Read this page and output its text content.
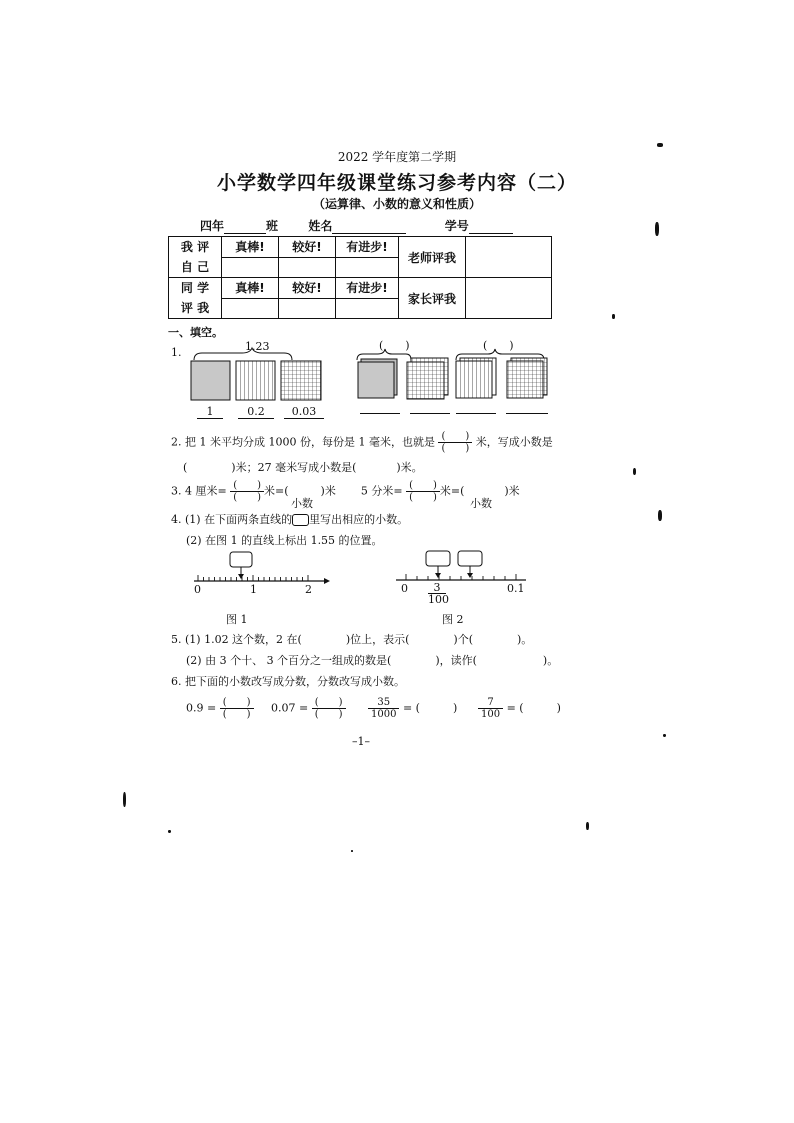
2022 学年度第二学期
小学数学四年级课堂练习参考内容（二）
（运算律、小数的意义和性质）
四年	班	姓名	学号
我 评
自 己	真棒!	较好!	有进步!	老师评我	

同 学
评 我	真棒!	较好!	有进步!	家长评我	

一、填空。
1.	1.23	(　　)	(　　)
1	0.2	0.03
2. 把 1 米平均分成 1000 份，每份是 1 毫米，也就是 $\frac{( )}{( )}$ 米，写成小数是
(　　　　)米；27 毫米写成小数是(	)米。
3. 4 厘米= $\frac{( )}{( )}$ 米=(	)米 5 分米= $\frac{( )}{( )}$ 米=(	)米
小数	小数
4. (1) 在下面两条直线的 里写出相应的小数。
(2) 在图 1 的直线上标出 1.55 的位置。
0	1	2
图 1
0	0.1
3
100
图 2
5. (1) 1.02 这个数，2 在(　　　　)位上，表示(　　　　)个(　　　　)。
(2) 由 3 个十、 3 个百分之一组成的数是(　　　　)，读作(　　　　　　)。
6. 把下面的小数改写成分数，分数改写成小数。
$0.9 = \frac{( )}{( )} 0.07 = \frac{( )}{( )} \frac{35}{1000}$ = (　　　) $\frac{7}{100}$ = (　　　)
–1–
